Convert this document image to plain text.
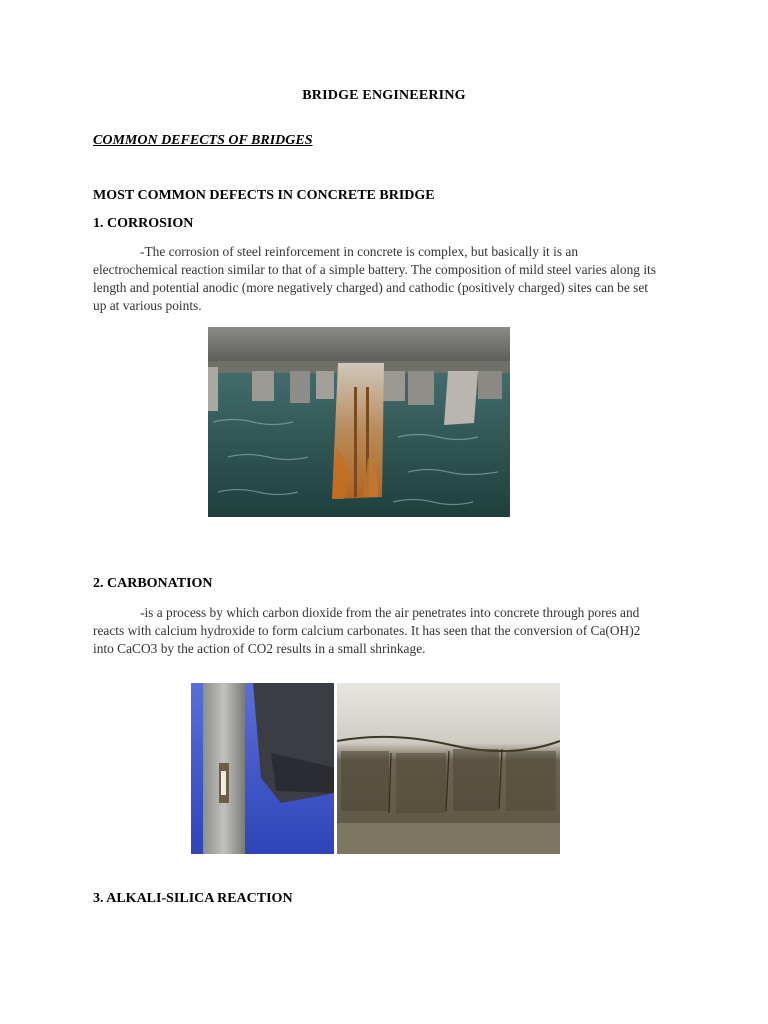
BRIDGE ENGINEERING
COMMON DEFECTS OF BRIDGES
MOST COMMON DEFECTS IN CONCRETE BRIDGE
1. CORROSION

-The corrosion of steel reinforcement in concrete is complex, but basically it is an electrochemical reaction similar to that of a simple battery. The composition of mild steel varies along its length and potential anodic (more negatively charged) and cathodic (positively charged) sites can be set up at various points.

2. CARBONATION

-is a process by which carbon dioxide from the air penetrates into concrete through pores and reacts with calcium hydroxide to form calcium carbonates. It has seen that the conversion of Ca(OH)2 into CaCO3 by the action of CO2 results in a small shrinkage.

3. ALKALI-SILICA REACTION
